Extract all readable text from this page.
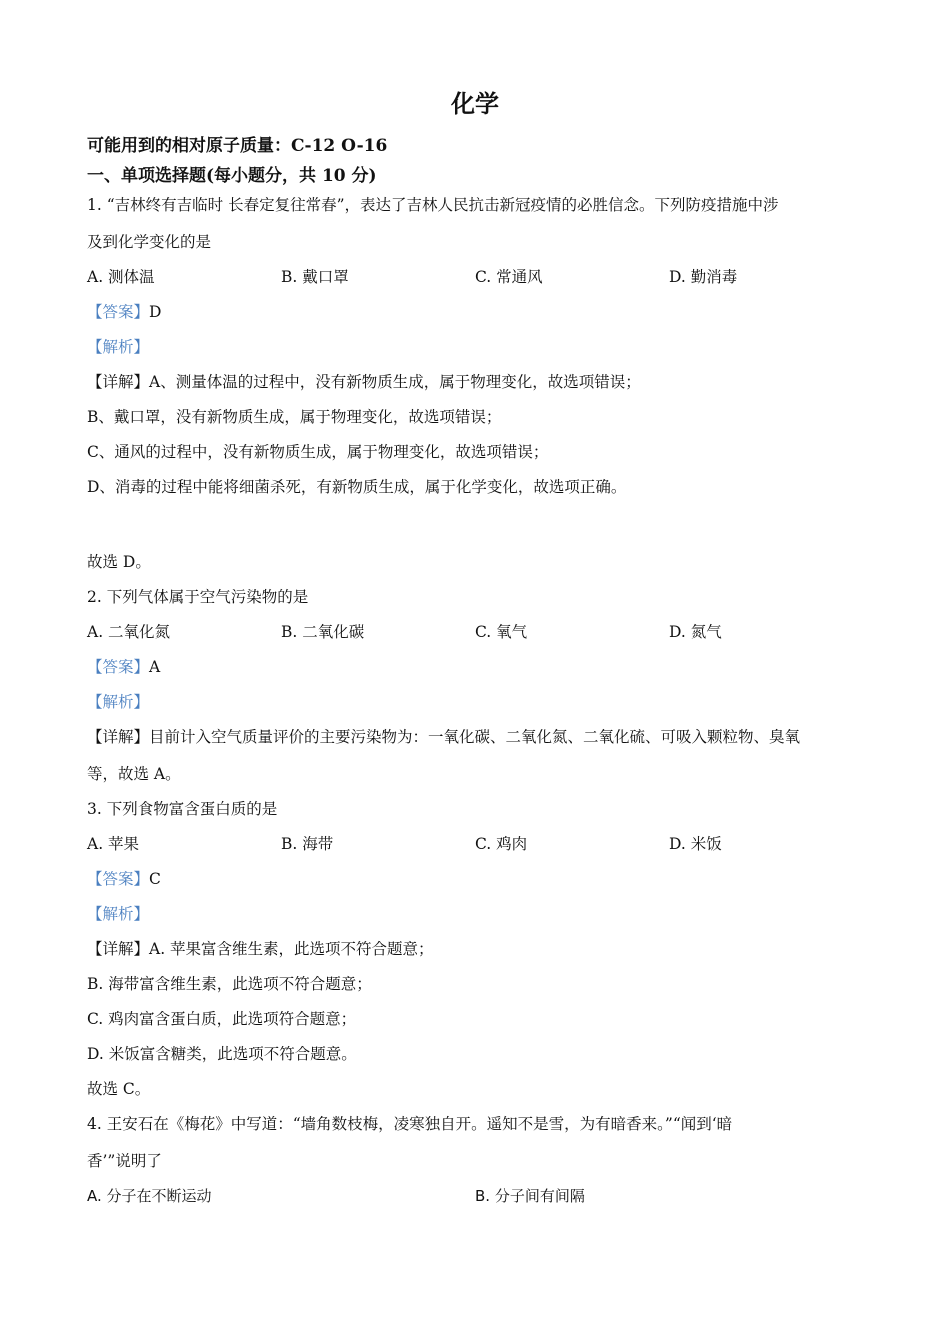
化学
可能用到的相对原子质量：C-12 O-16
一、单项选择题(每小题分，共 10 分)
1. “吉林终有吉临时 长春定复往常春”，表达了吉林人民抗击新冠疫情的必胜信念。下列防疫措施中涉
及到化学变化的是
A. 测体温	B. 戴口罩	C. 常通风	D. 勤消毒
【答案】D
【解析】
【详解】A、测量体温的过程中，没有新物质生成，属于物理变化，故选项错误；
B、戴口罩，没有新物质生成，属于物理变化，故选项错误；
C、通风的过程中，没有新物质生成，属于物理变化，故选项错误；
D、消毒的过程中能将细菌杀死，有新物质生成，属于化学变化，故选项正确。
故选 D。
2. 下列气体属于空气污染物的是
A. 二氧化氮	B. 二氧化碳	C. 氧气	D. 氮气
【答案】A
【解析】
【详解】目前计入空气质量评价的主要污染物为：一氧化碳、二氧化氮、二氧化硫、可吸入颗粒物、臭氧
等，故选 A。
3. 下列食物富含蛋白质的是
A. 苹果	B. 海带	C. 鸡肉	D. 米饭
【答案】C
【解析】
【详解】A. 苹果富含维生素，此选项不符合题意；
B. 海带富含维生素，此选项不符合题意；
C. 鸡肉富含蛋白质，此选项符合题意；
D. 米饭富含糖类，此选项不符合题意。
故选 C。
4. 王安石在《梅花》中写道：“墙角数枝梅，凌寒独自开。遥知不是雪，为有暗香来。”“闻到‘暗
香’”说明了
A. 分子在不断运动	B. 分子间有间隔
